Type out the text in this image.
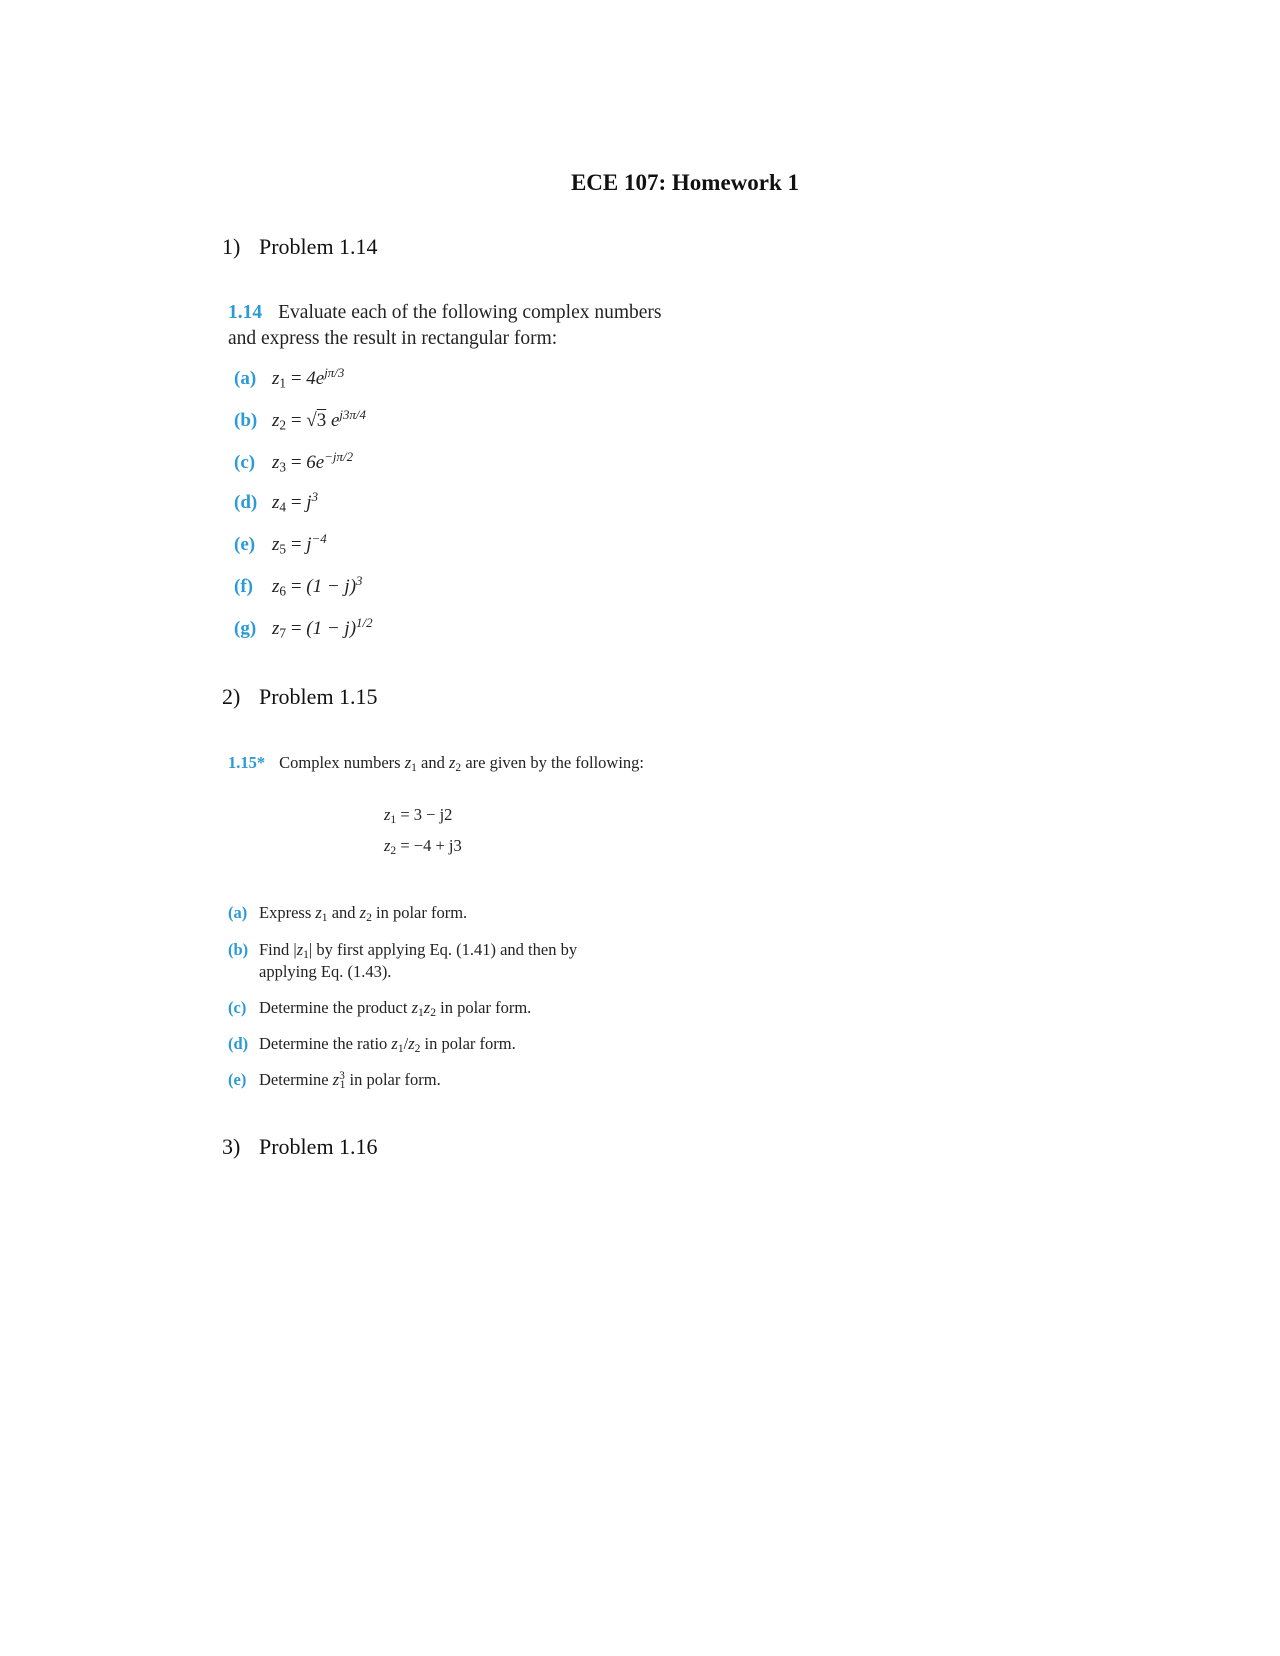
ECE 107: Homework 1
1) Problem 1.14
1.14 Evaluate each of the following complex numbers
and express the result in rectangular form:
(a) $z_1 = 4e^{j\pi/3}$
(b) $z_2 = √3$ $e^{j3\pi/4}$
(c) $z_3 = 6e^{-j\pi/2}$
(d) $z_4 = j^3$
(e) $z_5 = j^{-4}$
(f) $z_6 = (1 - j)^3$
(g) $z_7 = (1 - j)^{1/2}$
2) Problem 1.15
1.15* Complex numbers $z_1$ and $z_2$ are given by the following:
$z_1 = 3 - j2$
$z_2 = -4 + j3$
(a) Express $z_1$ and $z_2$ in polar form.
(b) Find $|z_1|$ by first applying Eq. (1.41) and then by
applying Eq. (1.43).
(c) Determine the product $z_1z_2$ in polar form.
(d) Determine the ratio $z_1/z_2$ in polar form.
(e) Determine $z^3_1$ in polar form.
3) Problem 1.16
